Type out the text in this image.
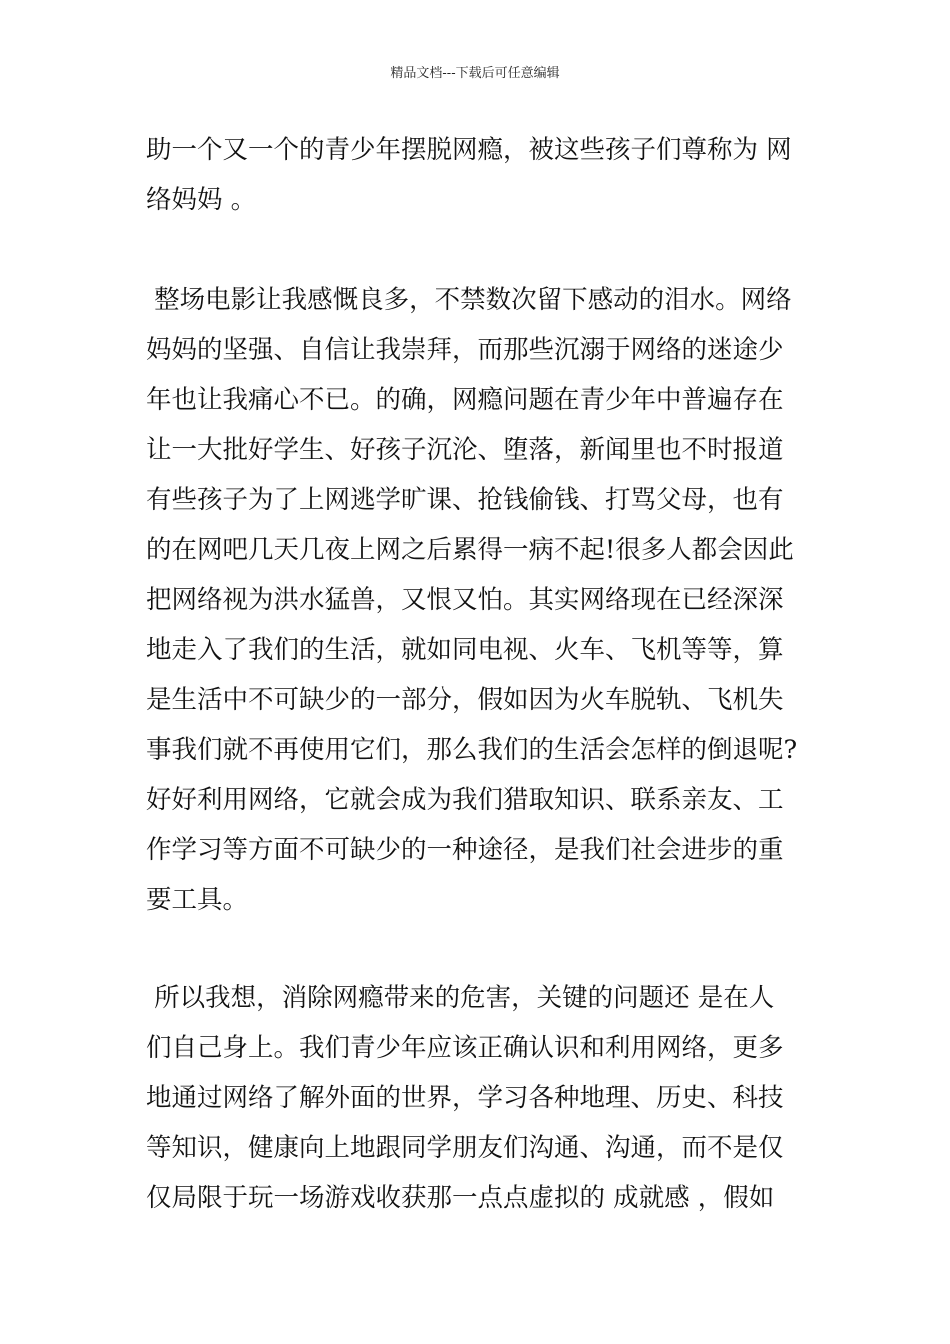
精品文档---下载后可任意编辑
助一个又一个的青少年摆脱网瘾，被这些孩子们尊称为 网
络妈妈 。
整场电影让我感慨良多，不禁数次留下感动的泪水。网络
妈妈的坚强、自信让我崇拜，而那些沉溺于网络的迷途少
年也让我痛心不已。的确，网瘾问题在青少年中普遍存在
让一大批好学生、好孩子沉沦、堕落，新闻里也不时报道
有些孩子为了上网逃学旷课、抢钱偷钱、打骂父母，也有
的在网吧几天几夜上网之后累得一病不起!很多人都会因此
把网络视为洪水猛兽，又恨又怕。其实网络现在已经深深
地走入了我们的生活，就如同电视、火车、飞机等等，算
是生活中不可缺少的一部分，假如因为火车脱轨、飞机失
事我们就不再使用它们，那么我们的生活会怎样的倒退呢?
好好利用网络，它就会成为我们猎取知识、联系亲友、工
作学习等方面不可缺少的一种途径，是我们社会进步的重
要工具。
所以我想，消除网瘾带来的危害，关键的问题还 是在人
们自己身上。我们青少年应该正确认识和利用网络，更多
地通过网络了解外面的世界，学习各种地理、历史、科技
等知识，健康向上地跟同学朋友们沟通、沟通，而不是仅
仅局限于玩一场游戏收获那一点点虚拟的 成就感 ，假如
